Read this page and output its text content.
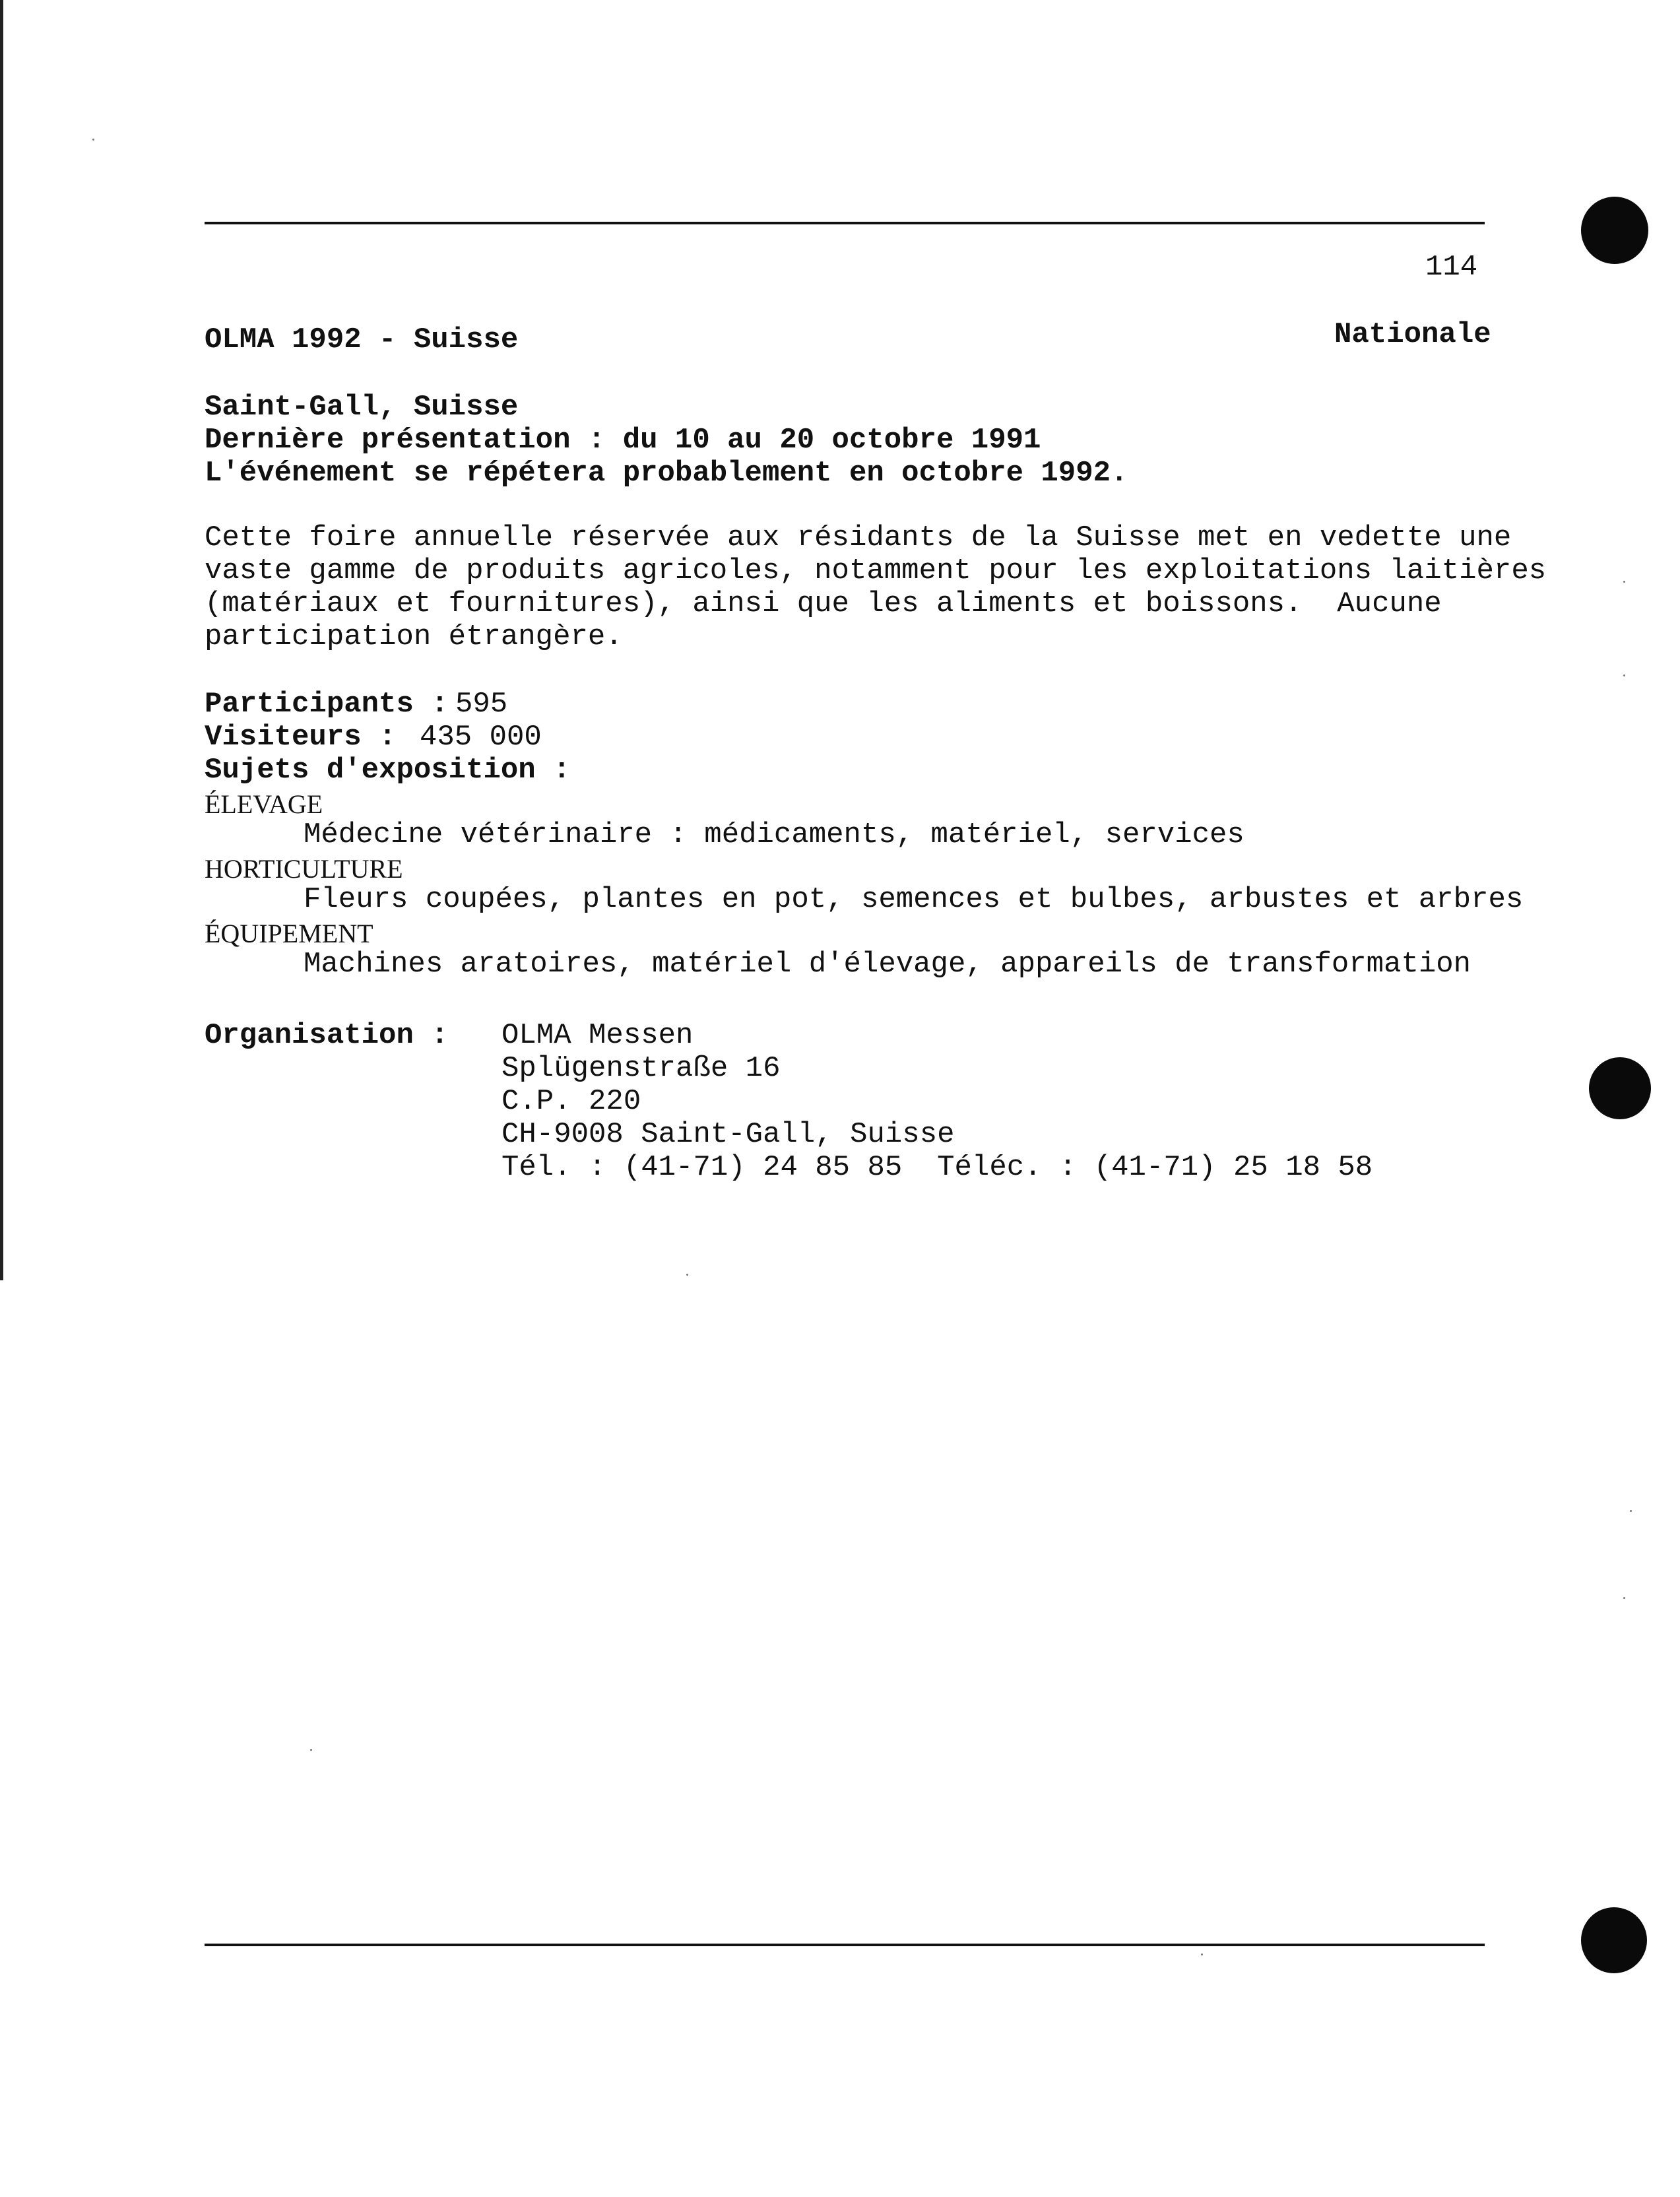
114
OLMA 1992 - Suisse	Nationale
Saint-Gall, Suisse
Dernière présentation : du 10 au 20 octobre 1991
L'événement se répétera probablement en octobre 1992.
Cette foire annuelle réservée aux résidants de la Suisse met en vedette une
vaste gamme de produits agricoles, notamment pour les exploitations laitières
(matériaux et fournitures), ainsi que les aliments et boissons.  Aucune
participation étrangère.
Participants : 595
Visiteurs : 435 000
Sujets d'exposition :
ÉLEVAGE
Médecine vétérinaire : médicaments, matériel, services
HORTICULTURE
Fleurs coupées, plantes en pot, semences et bulbes, arbustes et arbres
ÉQUIPEMENT
Machines aratoires, matériel d'élevage, appareils de transformation
Organisation : OLMA Messen
Splügenstraße 16
C.P. 220
CH-9008 Saint-Gall, Suisse
Tél. : (41-71) 24 85 85  Téléc. : (41-71) 25 18 58
